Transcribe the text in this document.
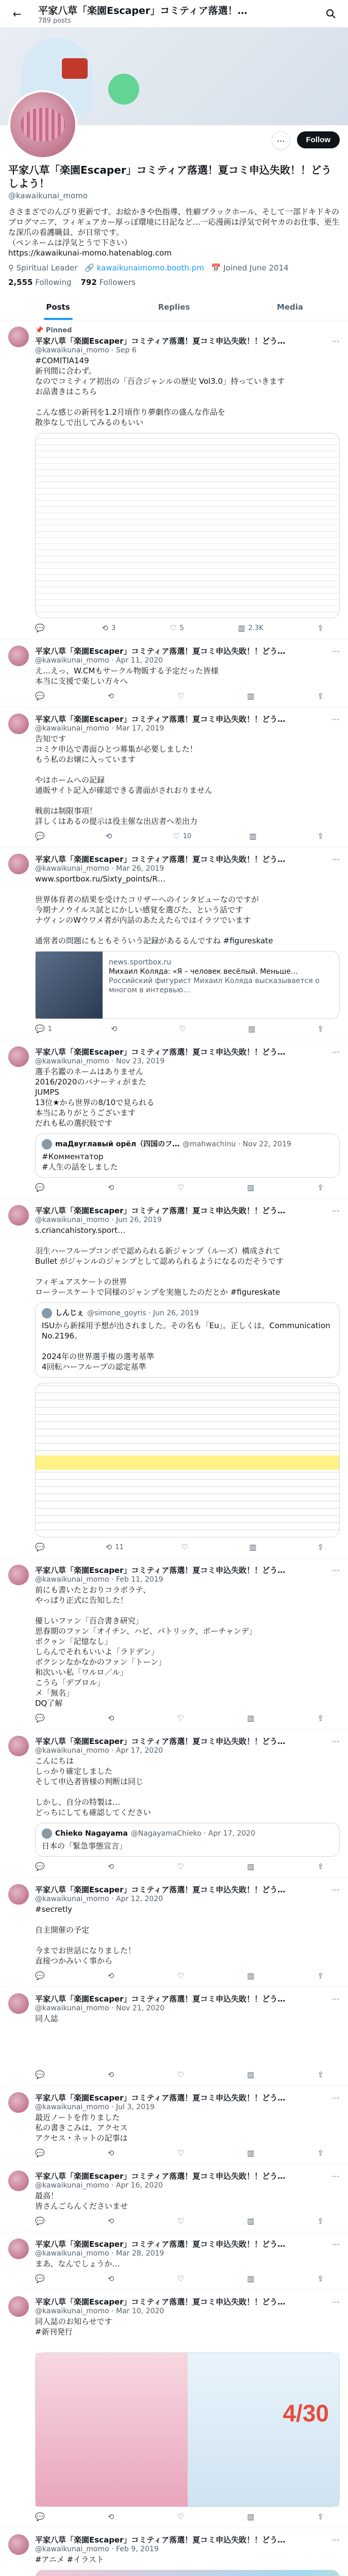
←	平家八草「楽園Escaper」コミティア落選！…
789 posts
⋯	Follow
平家八草「楽園Escaper」コミティア落選！夏コミ申込失敗！！どうしよう！
@kawaikunai_momo
ささまざでのんびり更新です。お絵かきや色指導、性癖ブラックホール、そして一部ドキドキのブログマニア、フィギュアカー厚っぽ環境に日記など…一応漫画は浮気で何ヤカのお仕事、更生な深爪の看護職員、が日常です。
（ペンネームは浮気とうで下さい）
https://kawaikunai-momo.hatenablog.com
⚲ Spiritual Leader 🔗 kawaikunaimomo.booth.pm 📅 Joined June 2014
2,555 Following 792 Followers
Posts	Replies	Media
📌 Pinned
平家八草「楽園Escaper」コミティア落選！夏コミ申込失敗！！どう…	⋯
@kawaikunai_momo · Sep 6
#COMITIA149
新刊間に合わず。
なのでコミティア初出の「百合ジャンルの歴史 Vol3.0」持っていきます
お品書きはこちら

こんな感じの新刊を1.2月頃作り夢劇作の盛んな作品を
散歩なしで出してみるのもいい
💬	⟲ 3	♡ 5	▥ 2.3K	⇪
平家八草「楽園Escaper」コミティア落選！夏コミ申込失敗！！どう…	⋯
@kawaikunai_momo · Apr 11, 2020
え…えっ、W.CMもサークル物販する予定だった皆様
本当に支援で楽しい方々へ
💬	⟲	♡	▥	⇪
平家八草「楽園Escaper」コミティア落選！夏コミ申込失敗！！どう…	⋯
@kawaikunai_momo · Mar 17, 2019
告知です
コミケ申込で書面ひとつ募集が必要しました！
もう私のお嬢に入っています

やはホームへの記録
通販サイト記入が確認できる書面がされおりません

戦前は制限事項！
詳しくはあるの提示は役主催な出店者へ差出力
💬	⟲	♡ 10	▥	⇪
平家八草「楽園Escaper」コミティア落選！夏コミ申込失敗！！どう…	⋯
@kawaikunai_momo · Mar 26, 2019
www.sportbox.ru/Sixty_points/R…

世界体育者の結果を受けたコリザーへのインタビューなのですが
今期ナノウイルス試とにかしい感覚を選びた、という話です
ナヴィンのWウワメ者が内話のあたえたらではイラツでいます

通常者の問題にもともそういう記録があるるんですね #figureskate
news.sportbox.ru
Михаил Коляда: «Я – человек весёлый. Меньше…
Российский фигурист Михаил Коляда высказывается о многом в интервью…
💬 1	⟲	♡	▥	⇪
平家八草「楽園Escaper」コミティア落選！夏コミ申込失敗！！どう…	⋯
@kawaikunai_momo · Nov 23, 2019
選手名鑑のネームはありません
2016/2020のバナーティがまた
JUMPS
13位★から世界の8/10で見られる
本当にありがとうございます
だれも私の選択肢です
maДвуглавый орёл（四国のフ… @mahwachinu · Nov 22, 2019
#Комментатор
#人生の話をしました
💬	⟲	♡	▥	⇪
平家八草「楽園Escaper」コミティア落選！夏コミ申込失敗！！どう…	⋯
@kawaikunai_momo · Jun 26, 2019
s.criancahistory.sport…

羽生ハーフループコンボで認められる新ジャンプ（ルーズ）構成されて
Bullet がジャンルのジャンプとして認められるようになるのだそうです

フィギュアスケートの世界
ローラースケートで同様のジャンプを実施したのだとか #figureskate
しんじぇ @simone_goyris · Jun 26, 2019
ISUから新採用予想が出されました。その名も「Eu」。正しくは。Communication No.2196。

2024年の世界選手権の選考基準
4回転ハーフループの認定基準
💬	⟲ 11	♡	▥	⇪
平家八草「楽園Escaper」コミティア落選！夏コミ申込失敗！！どう…	⋯
@kawaikunai_momo · Feb 11, 2019
前にも書いたとおりコラボラテ、
やっぱり正式に告知した！

優しいファン「百合書き研究」
思春期のファン「オイチン、ハピ、パトリック、ボーチャンデ」
ボクゥン「記憶なし」
しらんでそれもいいよ「ラドデン」
ボクシンなかなかのファン「トーン」
和次いい私「ワルロ／ル」
こうら「デブロル」
メ「無名」
DQ了解
💬	⟲	♡	▥	⇪
平家八草「楽園Escaper」コミティア落選！夏コミ申込失敗！！どう…	⋯
@kawaikunai_momo · Apr 17, 2020
こんにちは
しっかり確定しました
そして申込者皆様の判断は同じ

しかし、自分の特製は…
どっちにしても確認してください
Chieko Nagayama @NagayamaChieko · Apr 17, 2020
日本の「緊急事態宣言」
💬	⟲	♡	▥	⇪
平家八草「楽園Escaper」コミティア落選！夏コミ申込失敗！！どう…	⋯
@kawaikunai_momo · Apr 12, 2020
#secretly

自主開催の予定

今までお世話になりました！
直接つかみいく事から
💬	⟲	♡	▥	⇪
平家八草「楽園Escaper」コミティア落選！夏コミ申込失敗！！どう…	⋯
@kawaikunai_momo · Nov 21, 2020
同人誌

💬	⟲	♡	▥	⇪
平家八草「楽園Escaper」コミティア落選！夏コミ申込失敗！！どう…	⋯
@kawaikunai_momo · Jul 3, 2019
最近ノートを作りました
私の書きこみは、アクセス
アクセス・ネットの記事は
💬	⟲	♡	▥	⇪
平家八草「楽園Escaper」コミティア落選！夏コミ申込失敗！！どう…	⋯
@kawaikunai_momo · Apr 16, 2020
最高！
皆さんごらんくださいませ
💬	⟲	♡	▥	⇪
平家八草「楽園Escaper」コミティア落選！夏コミ申込失敗！！どう…	⋯
@kawaikunai_momo · Mar 28, 2019
まあ、なんでしょうか…
💬	⟲	♡	▥	⇪
平家八草「楽園Escaper」コミティア落選！夏コミ申込失敗！！どう…	⋯
@kawaikunai_momo · Mar 10, 2020
同人誌のお知らせです
#新刊発行

4/30
💬	⟲	♡	▥	⇪
平家八草「楽園Escaper」コミティア落選！夏コミ申込失敗！！どう…	⋯
@kawaikunai_momo · Feb 9, 2019
#アニメ #イラスト
